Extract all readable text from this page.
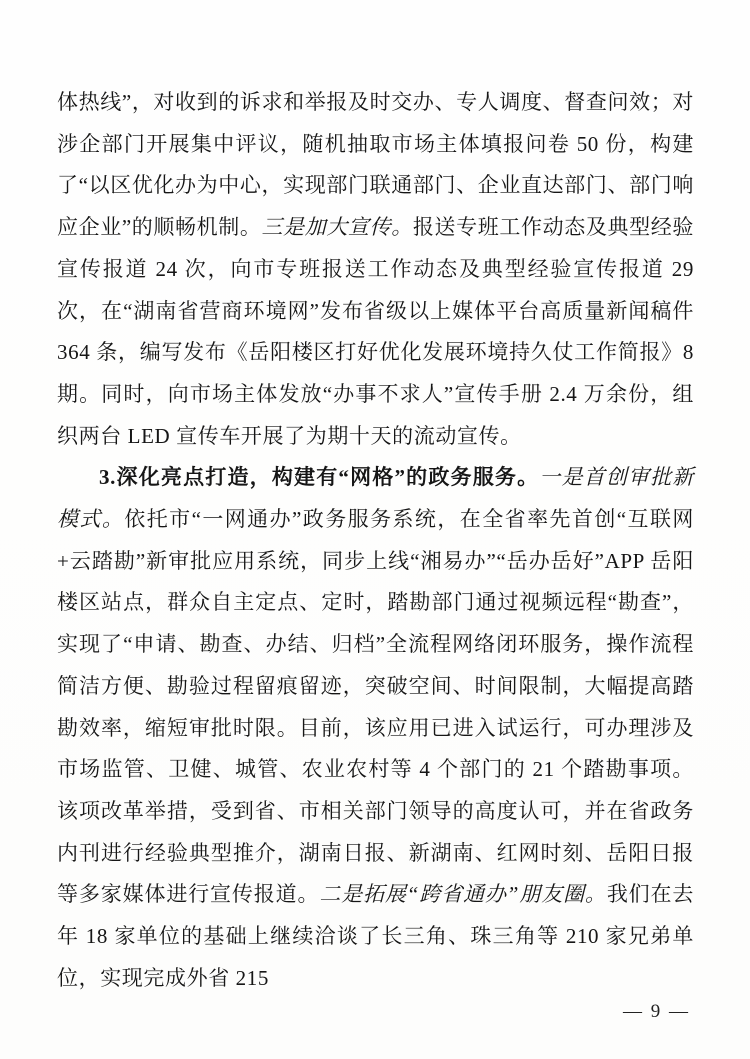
体热线”，对收到的诉求和举报及时交办、专人调度、督查问效；对涉企部门开展集中评议，随机抽取市场主体填报问卷 50 份，构建了“以区优化办为中心，实现部门联通部门、企业直达部门、部门响应企业”的顺畅机制。三是加大宣传。报送专班工作动态及典型经验宣传报道 24 次，向市专班报送工作动态及典型经验宣传报道 29 次，在“湖南省营商环境网”发布省级以上媒体平台高质量新闻稿件 364 条，编写发布《岳阳楼区打好优化发展环境持久仗工作简报》8 期。同时，向市场主体发放“办事不求人”宣传手册 2.4 万余份，组织两台 LED 宣传车开展了为期十天的流动宣传。
3.深化亮点打造，构建有“网格”的政务服务。一是首创审批新模式。依托市“一网通办”政务服务系统，在全省率先首创“互联网+云踏勘”新审批应用系统，同步上线“湘易办”“岳办岳好”APP 岳阳楼区站点，群众自主定点、定时，踏勘部门通过视频远程“勘查”，实现了“申请、勘查、办结、归档”全流程网络闭环服务，操作流程简洁方便、勘验过程留痕留迹，突破空间、时间限制，大幅提高踏勘效率，缩短审批时限。目前，该应用已进入试运行，可办理涉及市场监管、卫健、城管、农业农村等 4 个部门的 21 个踏勘事项。该项改革举措，受到省、市相关部门领导的高度认可，并在省政务内刊进行经验典型推介，湖南日报、新湖南、红网时刻、岳阳日报等多家媒体进行宣传报道。二是拓展“跨省通办”朋友圈。我们在去年 18 家单位的基础上继续洽谈了长三角、珠三角等 210 家兄弟单位，实现完成外省 215
— 9 —
